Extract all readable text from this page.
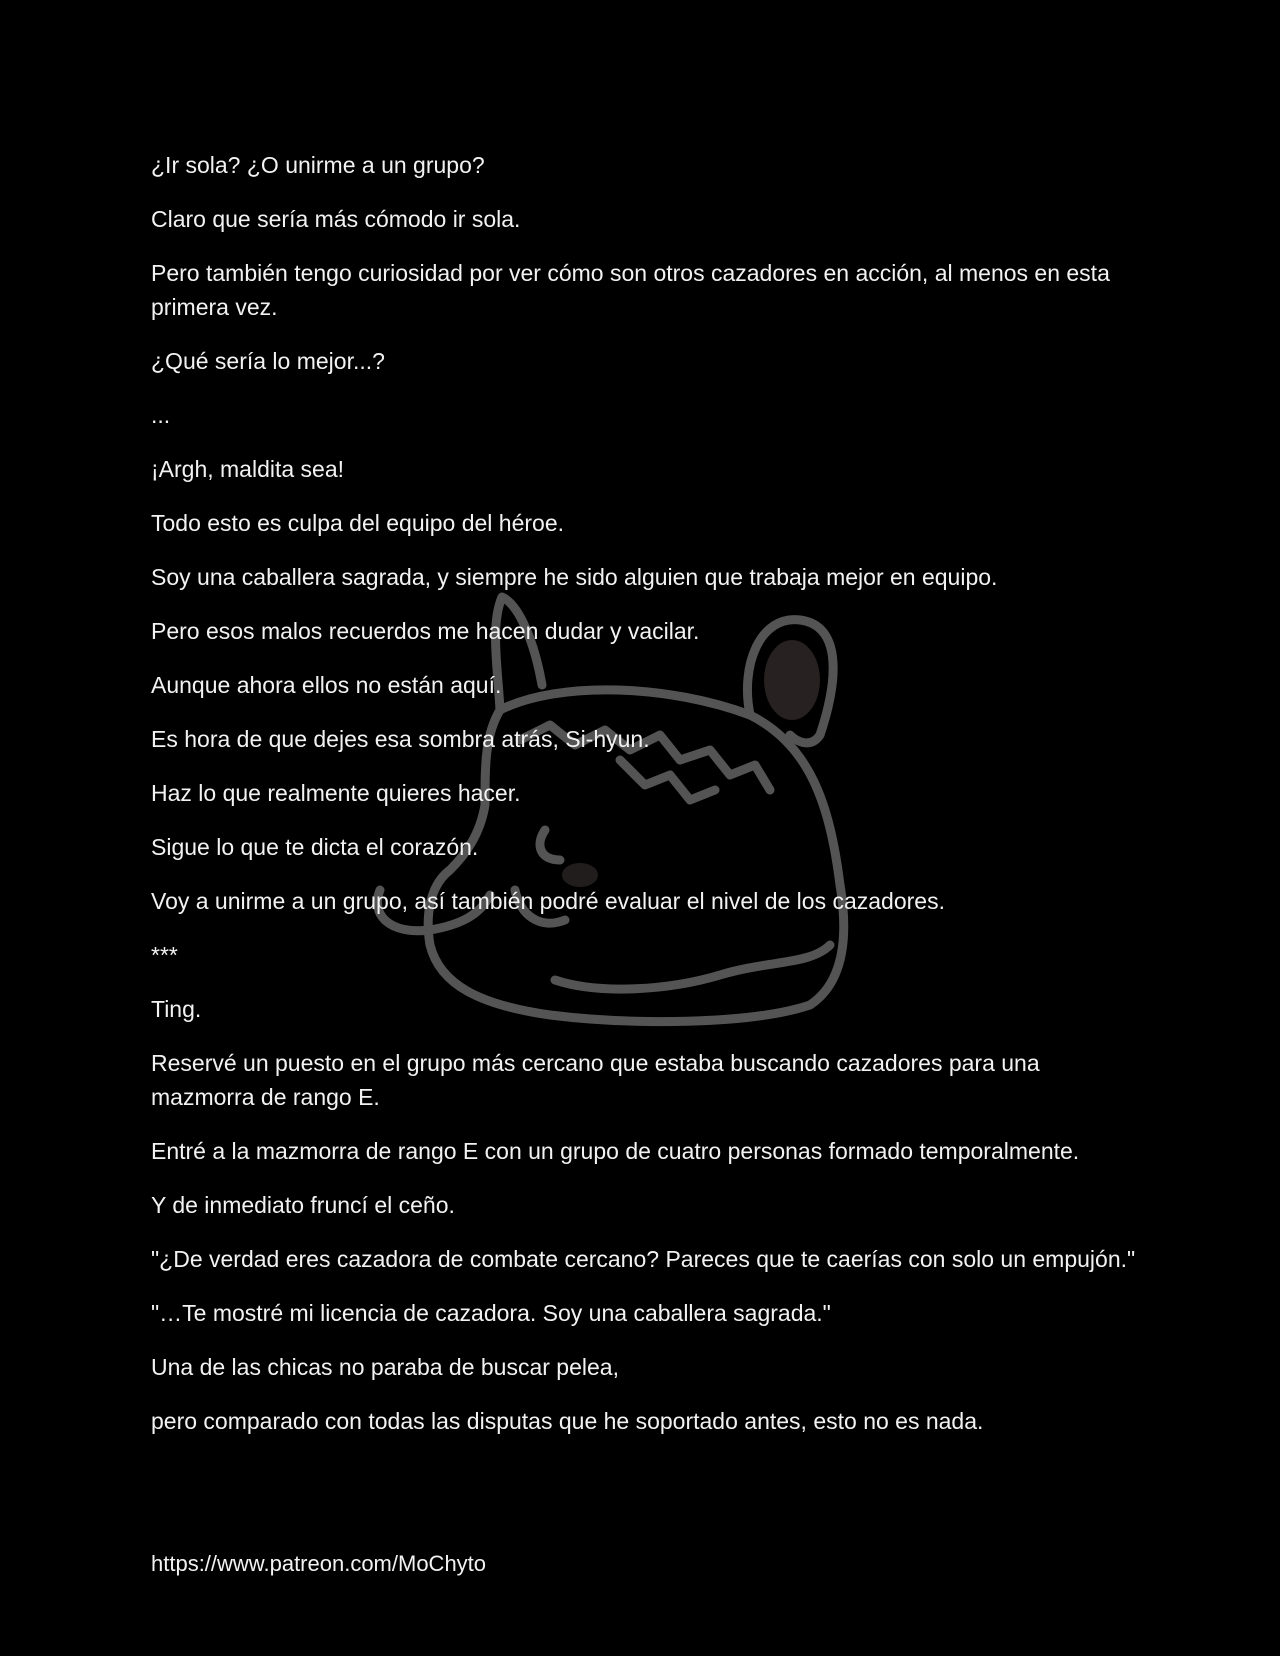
¿Ir sola? ¿O unirme a un grupo?

Claro que sería más cómodo ir sola.

Pero también tengo curiosidad por ver cómo son otros cazadores en acción, al menos en esta primera vez.

¿Qué sería lo mejor...?

...

¡Argh, maldita sea!

Todo esto es culpa del equipo del héroe.

Soy una caballera sagrada, y siempre he sido alguien que trabaja mejor en equipo.

Pero esos malos recuerdos me hacen dudar y vacilar.

Aunque ahora ellos no están aquí.

Es hora de que dejes esa sombra atrás, Si-hyun.

Haz lo que realmente quieres hacer.

Sigue lo que te dicta el corazón.

Voy a unirme a un grupo, así también podré evaluar el nivel de los cazadores.

***

Ting.

Reservé un puesto en el grupo más cercano que estaba buscando cazadores para una mazmorra de rango E.

Entré a la mazmorra de rango E con un grupo de cuatro personas formado temporalmente.

Y de inmediato fruncí el ceño.

"¿De verdad eres cazadora de combate cercano? Pareces que te caerías con solo un empujón."

"…Te mostré mi licencia de cazadora. Soy una caballera sagrada."

Una de las chicas no paraba de buscar pelea,

pero comparado con todas las disputas que he soportado antes, esto no es nada.

https://www.patreon.com/MoChyto
